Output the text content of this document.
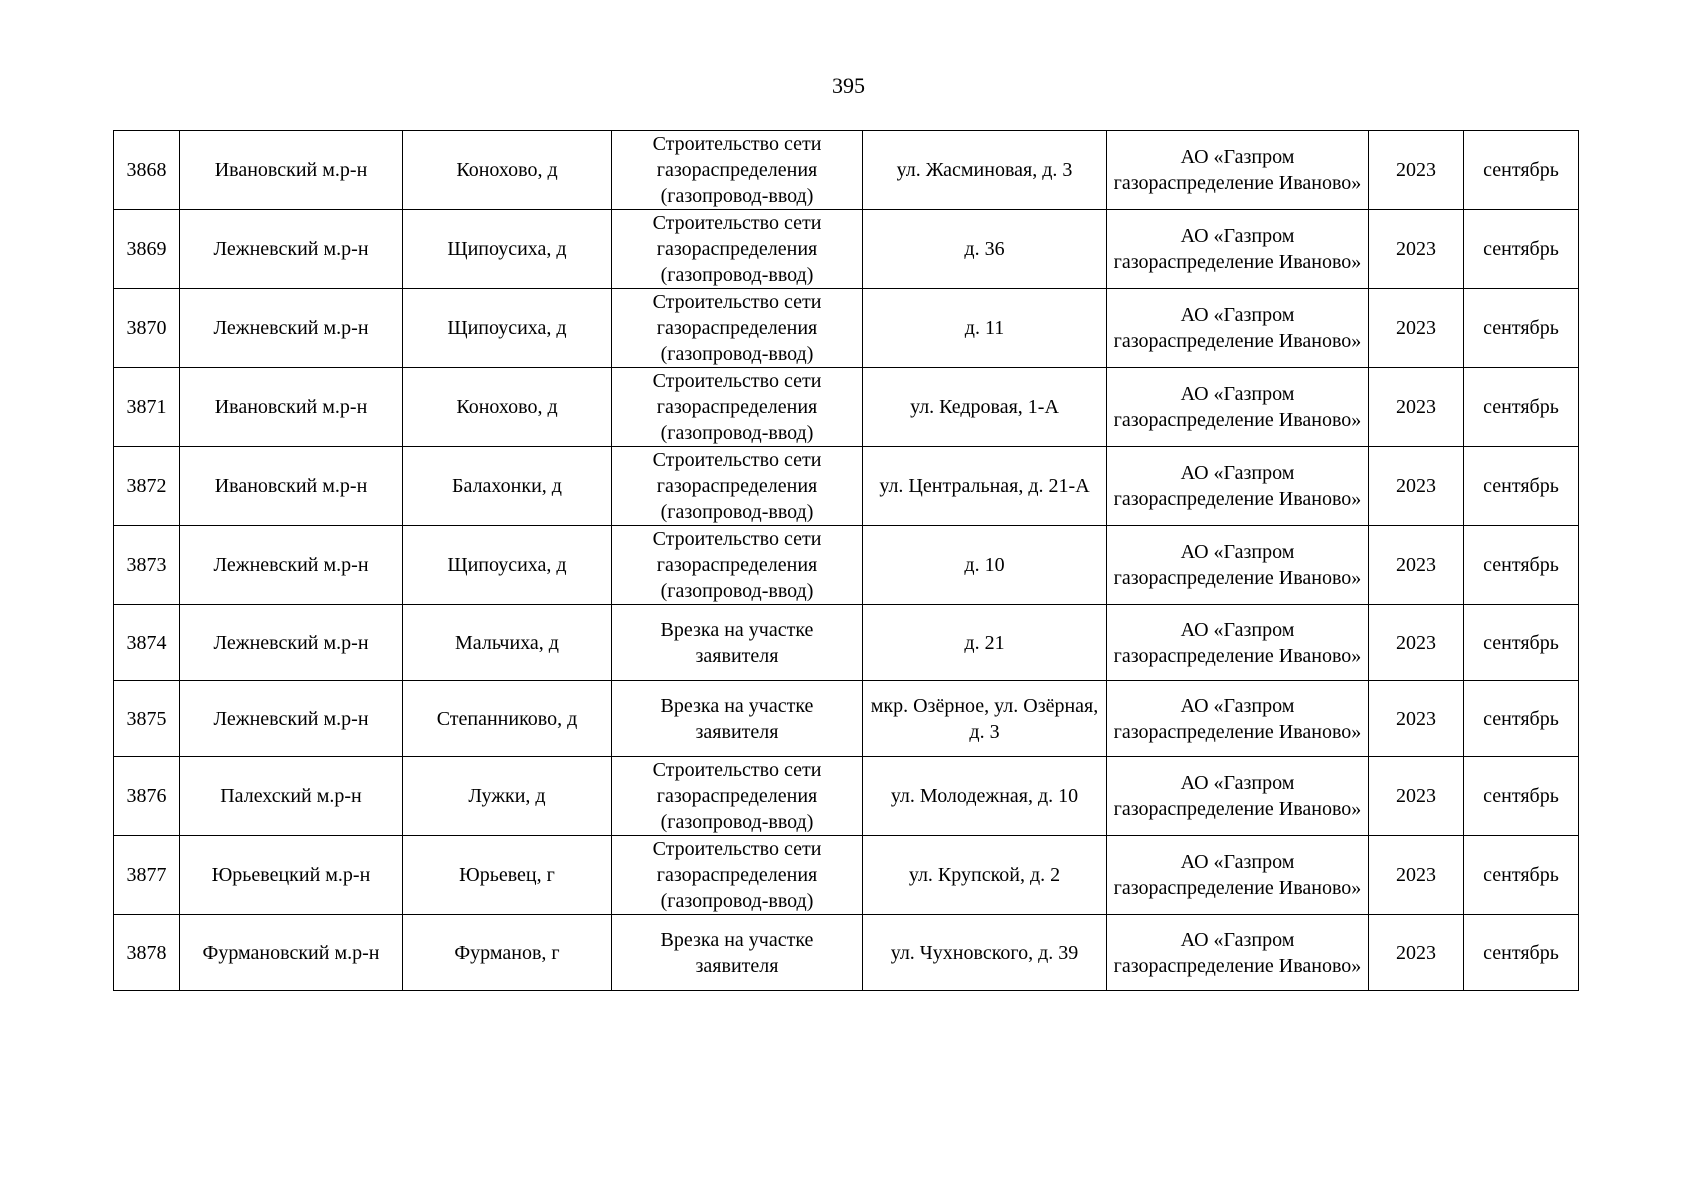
395
3868	Ивановский м.р-н	Конохово, д	Строительство сети газораспределения (газопровод-ввод)	ул. Жасминовая, д. 3	АО «Газпром газораспределение Иваново»	2023	сентябрь
3869	Лежневский м.р-н	Щипоусиха, д	Строительство сети газораспределения (газопровод-ввод)	д. 36	АО «Газпром газораспределение Иваново»	2023	сентябрь
3870	Лежневский м.р-н	Щипоусиха, д	Строительство сети газораспределения (газопровод-ввод)	д. 11	АО «Газпром газораспределение Иваново»	2023	сентябрь
3871	Ивановский м.р-н	Конохово, д	Строительство сети газораспределения (газопровод-ввод)	ул. Кедровая, 1-А	АО «Газпром газораспределение Иваново»	2023	сентябрь
3872	Ивановский м.р-н	Балахонки, д	Строительство сети газораспределения (газопровод-ввод)	ул. Центральная, д. 21-А	АО «Газпром газораспределение Иваново»	2023	сентябрь
3873	Лежневский м.р-н	Щипоусиха, д	Строительство сети газораспределения (газопровод-ввод)	д. 10	АО «Газпром газораспределение Иваново»	2023	сентябрь
3874	Лежневский м.р-н	Мальчиха, д	Врезка на участке заявителя	д. 21	АО «Газпром газораспределение Иваново»	2023	сентябрь
3875	Лежневский м.р-н	Степанниково, д	Врезка на участке заявителя	мкр. Озёрное, ул. Озёрная, д. 3	АО «Газпром газораспределение Иваново»	2023	сентябрь
3876	Палехский м.р-н	Лужки, д	Строительство сети газораспределения (газопровод-ввод)	ул. Молодежная, д. 10	АО «Газпром газораспределение Иваново»	2023	сентябрь
3877	Юрьевецкий м.р-н	Юрьевец, г	Строительство сети газораспределения (газопровод-ввод)	ул. Крупской, д. 2	АО «Газпром газораспределение Иваново»	2023	сентябрь
3878	Фурмановский м.р-н	Фурманов, г	Врезка на участке заявителя	ул. Чухновского, д. 39	АО «Газпром газораспределение Иваново»	2023	сентябрь
